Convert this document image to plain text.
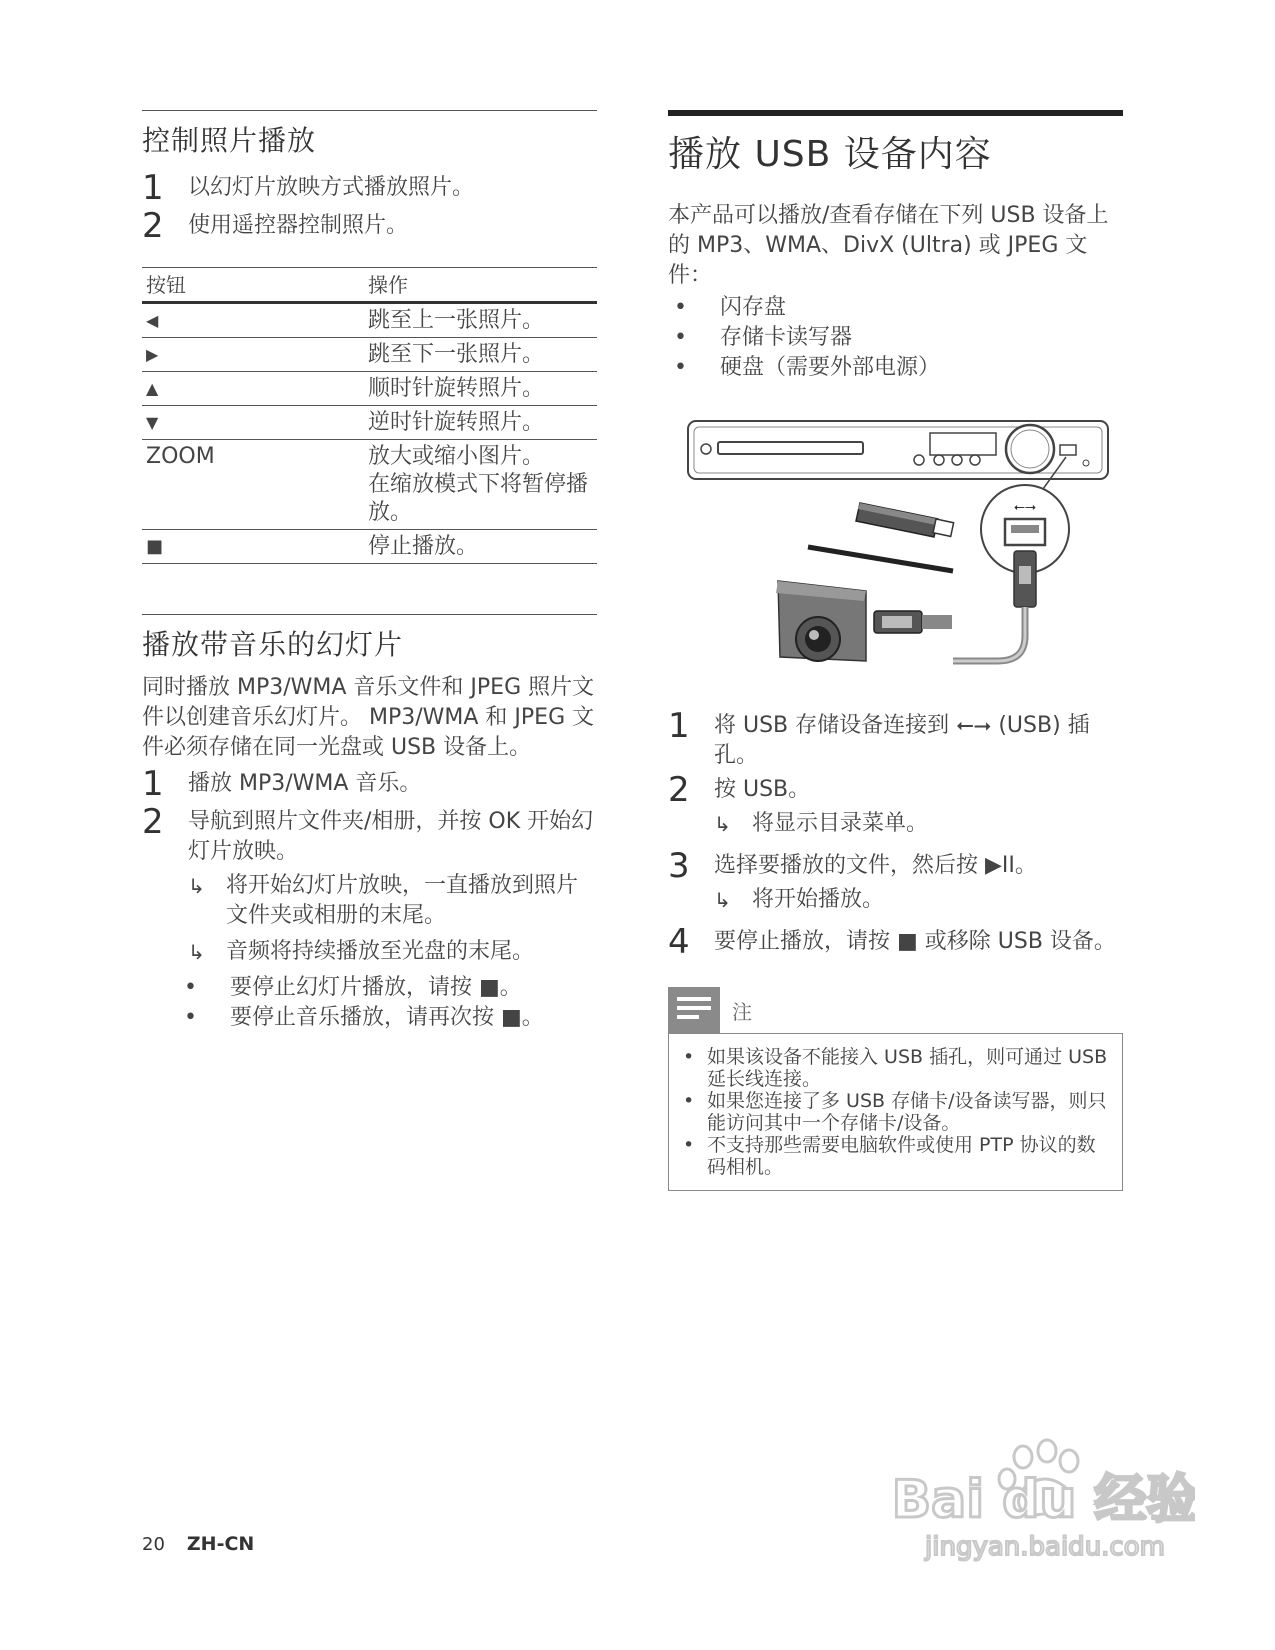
控制照片播放
1	以幻灯片放映方式播放照片。
2	使用遥控器控制照片。
按钮	操作
◀	跳至上一张照片。
▶	跳至下一张照片。
▲	顺时针旋转照片。
▼	逆时针旋转照片。
ZOOM	放大或缩小图片。
在缩放模式下将暂停播放。
■	停止播放。
播放带音乐的幻灯片
同时播放 MP3/WMA 音乐文件和 JPEG 照片文件以创建音乐幻灯片。 MP3/WMA 和 JPEG 文件必须存储在同一光盘或 USB 设备上。
1	播放 MP3/WMA 音乐。
2	导航到照片文件夹/相册，并按 OK 开始幻灯片放映。
↳ 将开始幻灯片放映，一直播放到照片文件夹或相册的末尾。
↳ 音频将持续播放至光盘的末尾。
•	要停止幻灯片播放，请按 ■。
•	要停止音乐播放，请再次按 ■。
播放 USB 设备内容
本产品可以播放/查看存储在下列 USB 设备上的 MP3、WMA、DivX (Ultra) 或 JPEG 文件：
•	闪存盘
•	存储卡读写器
•	硬盘（需要外部电源）
⭠⭢
1	将 USB 存储设备连接到 ⭠⭢ (USB) 插孔。
2	按 USB。
↳ 将显示目录菜单。
3	选择要播放的文件，然后按 ▶II。
↳ 将开始播放。
4	要停止播放，请按 ■ 或移除 USB 设备。
注
• 如果该设备不能接入 USB 插孔，则可通过 USB 延长线连接。
• 如果您连接了多 USB 存储卡/设备读写器，则只能访问其中一个存储卡/设备。
• 不支持那些需要电脑软件或使用 PTP 协议的数码相机。
20 ZH-CN
Bai du 经验
jingyan.baidu.com
